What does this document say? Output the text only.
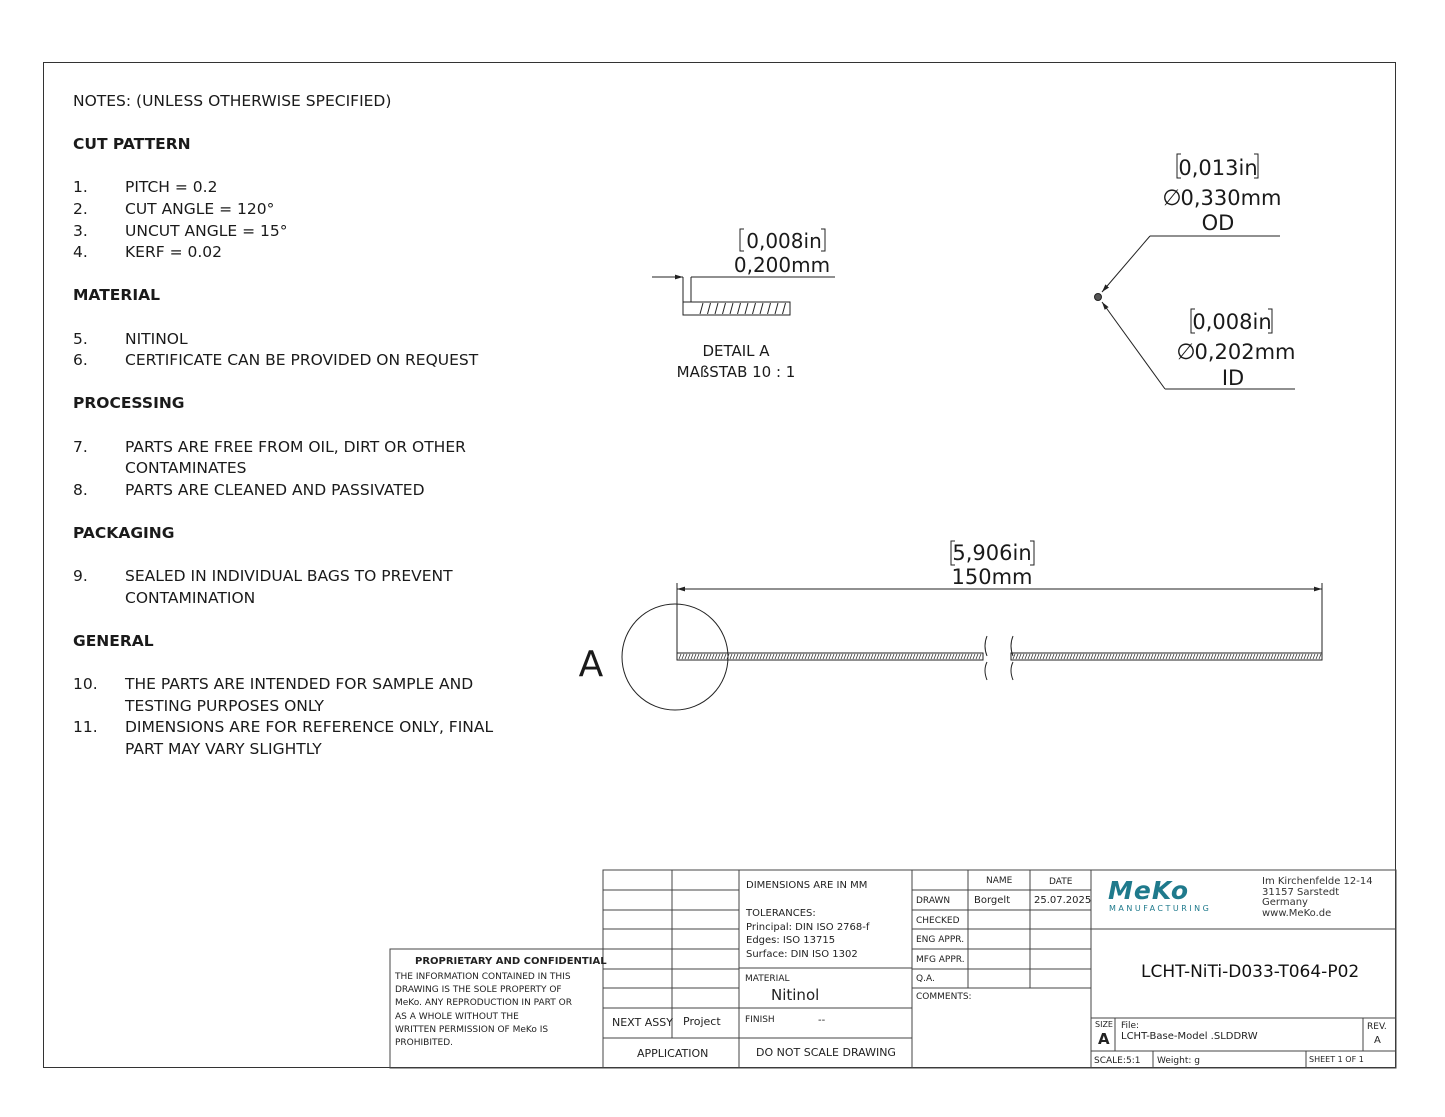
NOTES: (UNLESS OTHERWISE SPECIFIED)
CUT PATTERN
1.	PITCH = 0.2
2.	CUT ANGLE = 120°
3.	UNCUT ANGLE = 15°
4.	KERF = 0.02
MATERIAL
5.	NITINOL
6.	CERTIFICATE CAN BE PROVIDED ON REQUEST
PROCESSING
7.	PARTS ARE FREE FROM OIL, DIRT OR OTHER CONTAMINATES
8.	PARTS ARE CLEANED AND PASSIVATED
PACKAGING
9.	SEALED IN INDIVIDUAL BAGS TO PREVENT CONTAMINATION
GENERAL
10.	THE PARTS ARE INTENDED FOR SAMPLE AND TESTING PURPOSES ONLY
11.	DIMENSIONS ARE FOR REFERENCE ONLY, FINAL PART MAY VARY SLIGHTLY
0,008in
0,200mm
DETAIL A
MAßSTAB 10 : 1
0,013in
∅
0,330mm
OD
0,008in
∅
0,202mm
ID
5,906in
150mm
A
PROPRIETARY AND CONFIDENTIAL
THE INFORMATION CONTAINED IN THIS
DRAWING IS THE SOLE PROPERTY OF
MeKo. ANY REPRODUCTION IN PART OR
AS A WHOLE WITHOUT THE
WRITTEN PERMISSION OF MeKo IS
PROHIBITED.
NEXT ASSY Project
APPLICATION
DIMENSIONS ARE IN MM
TOLERANCES:
Principal: DIN ISO 2768-f
Edges: ISO 13715
Surface: DIN ISO 1302
MATERIAL
Nitinol
FINISH	--
DO NOT SCALE DRAWING
NAME	DATE
DRAWN Borgelt 25.07.2025
CHECKED
ENG APPR.
MFG APPR.
Q.A.
COMMENTS:
MeKo
MANUFACTURING
Im Kirchenfelde 12-14
31157 Sarstedt
Germany
www.MeKo.de
LCHT-NiTi-D033-T064-P02
SIZE
A
File:
LCHT-Base-Model .SLDDRW
REV.
A
SCALE: 5:1 Weight: g	SHEET 1 OF 1
